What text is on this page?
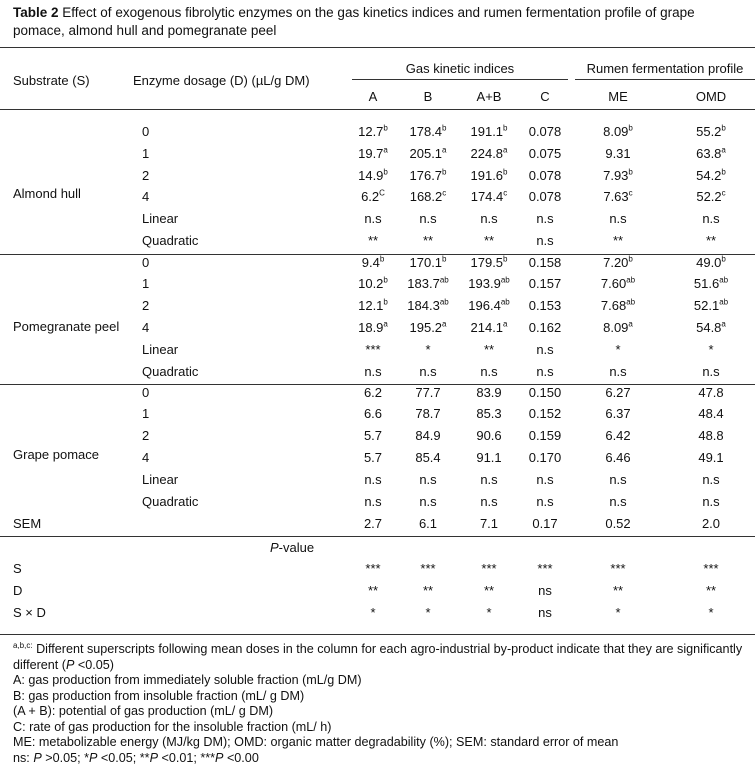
Table 2 Effect of exogenous fibrolytic enzymes on the gas kinetics indices and rumen fermentation profile of grape pomace, almond hull and pomegranate peel
Substrate (S)	Enzyme dosage (D) (µL/g DM)
Gas kinetic indices	Rumen fermentation profile
A	B	A+B	C	ME	OMD
Almond hull
0	12.7$^b$	178.4$^b$	191.1$^b$	0.078	8.09$^b$	55.2$^b$
1	19.7$^a$	205.1$^a$	224.8$^a$	0.075	9.31	63.8$^a$
2	14.9$^b$	176.7$^b$	191.6$^b$	0.078	7.93$^b$	54.2$^b$
4	$6.2^C$	168.2$^c$	174.4$^c$	0.078	7.63$^c$	52.2$^c$
Linear	n.s	n.s	n.s	n.s	n.s	n.s
Quadratic	**	**	**	n.s	**	**
Pomegranate peel
0	9.4$^b$	170.1$^b$	179.5$^b$	0.158	7.20$^b$	49.0$^b$
1	10.2$^b$	183.7$^{ab}$	193.9$^{ab}$	0.157	7.60$^{ab}$	51.6$^{ab}$
2	12.1$^b$	184.3$^{ab}$	196.4$^{ab}$	0.153	7.68$^{ab}$	52.1$^{ab}$
4	18.9$^a$	195.2$^a$	214.1$^a$	0.162	8.09$^a$	54.8$^a$
Linear	***	*	**	n.s	*	*
Quadratic	n.s	n.s	n.s	n.s	n.s	n.s
Grape pomace
0	6.2	77.7	83.9	0.150	6.27	47.8
1	6.6	78.7	85.3	0.152	6.37	48.4
2	5.7	84.9	90.6	0.159	6.42	48.8
4	5.7	85.4	91.1	0.170	6.46	49.1
Linear	n.s	n.s	n.s	n.s	n.s	n.s
Quadratic	n.s	n.s	n.s	n.s	n.s	n.s
SEM	2.7	6.1	7.1	0.17	0.52	2.0
P-value
S	***	***	***	***	***	***
D	**	**	**	ns	**	**
S × D	*	*	*	ns	*	*

$^{a,b,c:}$ Different superscripts following mean doses in the column for each agro-industrial by-product indicate that they are significantly different (P <0.05)

A: gas production from immediately soluble fraction (mL/g DM)

B: gas production from insoluble fraction (mL/ g DM)

(A + B): potential of gas production (mL/ g DM)

C: rate of gas production for the insoluble fraction (mL/ h)

ME: metabolizable energy (MJ/kg DM); OMD: organic matter degradability (%); SEM: standard error of mean

ns: P >0.05; *P <0.05; **P <0.01; ***P <0.00
